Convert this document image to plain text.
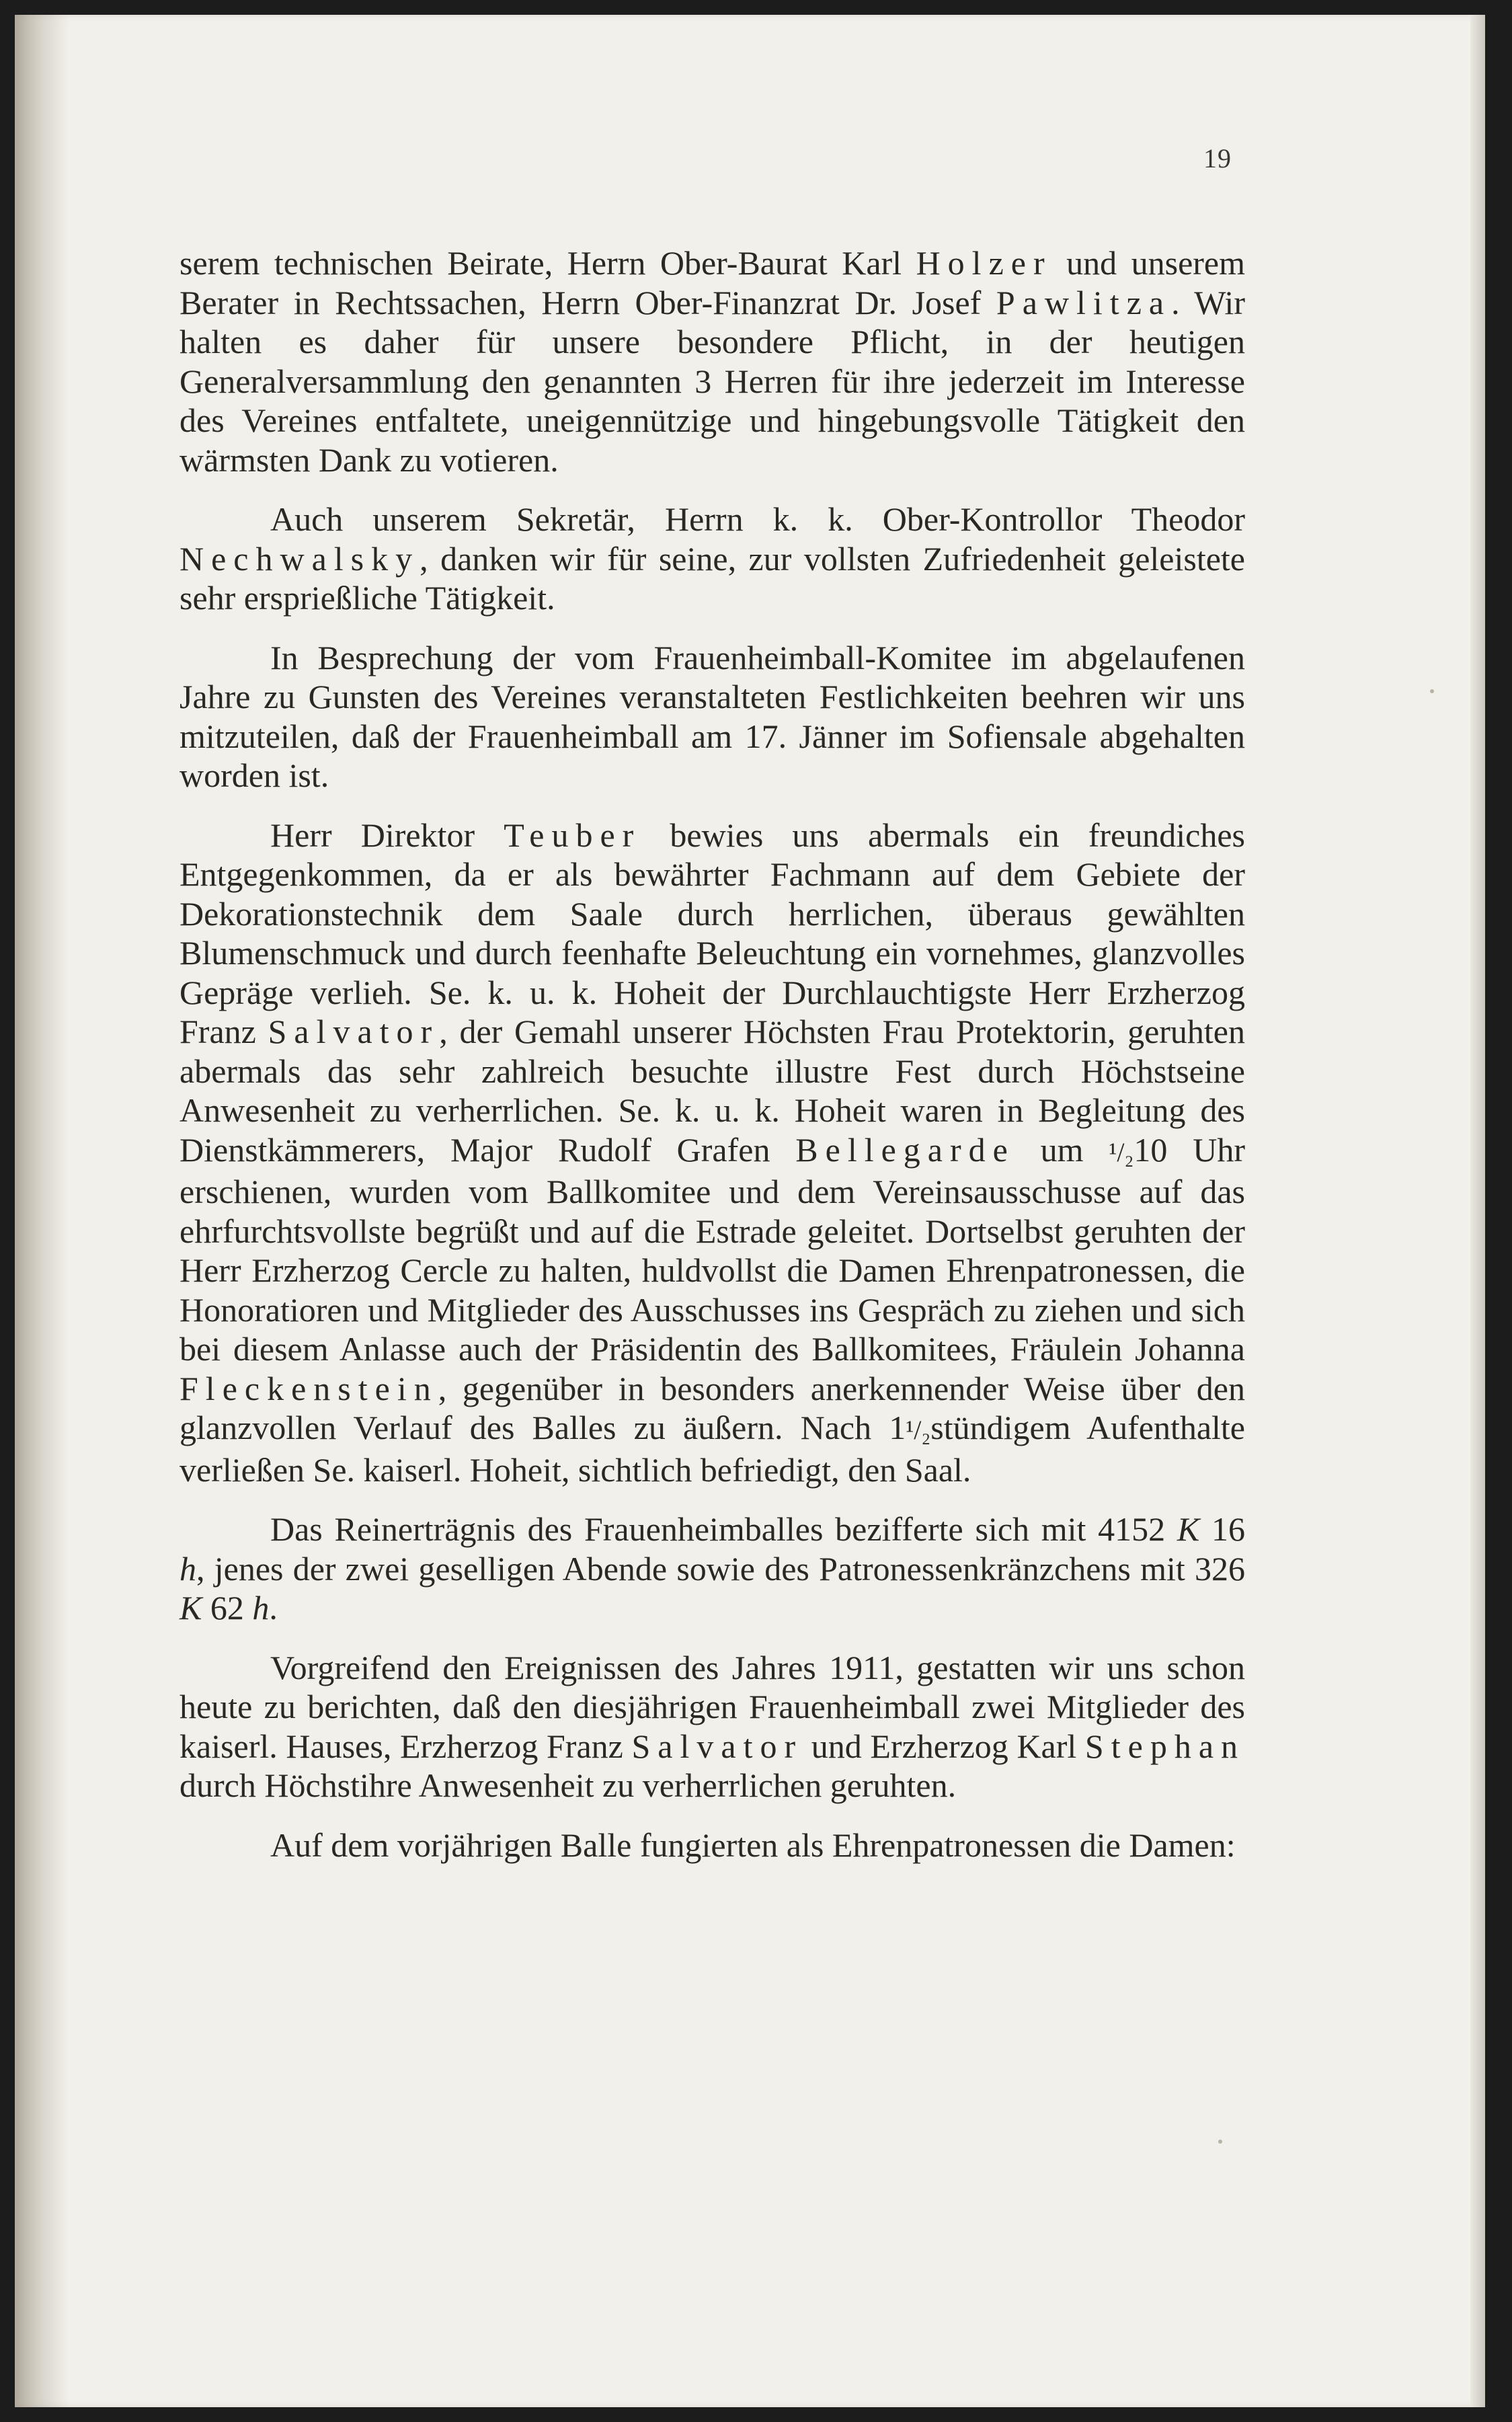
19

serem technischen Beirate, Herrn Ober-Baurat Karl Holzer und unserem Berater in Rechtssachen, Herrn Ober-Finanzrat Dr. Josef Pawlitza. Wir halten es daher für unsere besondere Pflicht, in der heutigen Generalversammlung den genannten 3 Herren für ihre jederzeit im Interesse des Vereines entfaltete, uneigennützige und hingebungsvolle Tätigkeit den wärmsten Dank zu votieren.

Auch unserem Sekretär, Herrn k. k. Ober-Kontrollor Theodor Nechwalsky, danken wir für seine, zur vollsten Zufriedenheit geleistete sehr ersprießliche Tätigkeit.

In Besprechung der vom Frauenheimball-Komitee im abgelaufenen Jahre zu Gunsten des Vereines veranstalteten Festlichkeiten beehren wir uns mitzuteilen, daß der Frauenheimball am 17. Jänner im Sofiensale abgehalten worden ist.

Herr Direktor Teuber bewies uns abermals ein freundiches Entgegenkommen, da er als bewährter Fachmann auf dem Gebiete der Dekorationstechnik dem Saale durch herrlichen, überaus gewählten Blumenschmuck und durch feenhafte Beleuchtung ein vornehmes, glanzvolles Gepräge verlieh. Se. k. u. k. Hoheit der Durchlauchtigste Herr Erzherzog Franz Salvator, der Gemahl unserer Höchsten Frau Protektorin, geruhten abermals das sehr zahlreich besuchte illustre Fest durch Höchstseine Anwesenheit zu verherrlichen. Se. k. u. k. Hoheit waren in Begleitung des Dienstkämmerers, Major Rudolf Grafen Bellegarde um ¹/₂10 Uhr erschienen, wurden vom Ballkomitee und dem Vereinsausschusse auf das ehrfurchtsvollste begrüßt und auf die Estrade geleitet. Dortselbst geruhten der Herr Erzherzog Cercle zu halten, huldvollst die Damen Ehrenpatronessen, die Honoratioren und Mitglieder des Ausschusses ins Gespräch zu ziehen und sich bei diesem Anlasse auch der Präsidentin des Ballkomitees, Fräulein Johanna Fleckenstein, gegenüber in besonders anerkennender Weise über den glanzvollen Verlauf des Balles zu äußern. Nach 1¹/₂stündigem Aufenthalte verließen Se. kaiserl. Hoheit, sichtlich befriedigt, den Saal.

Das Reinerträgnis des Frauenheimballes bezifferte sich mit 4152 K 16 h, jenes der zwei geselligen Abende sowie des Patronessenkränzchens mit 326 K 62 h.

Vorgreifend den Ereignissen des Jahres 1911, gestatten wir uns schon heute zu berichten, daß den diesjährigen Frauenheimball zwei Mitglieder des kaiserl. Hauses, Erzherzog Franz Salvator und Erzherzog Karl Stephan durch Höchstihre Anwesenheit zu verherrlichen geruhten.

Auf dem vorjährigen Balle fungierten als Ehrenpatronessen die Damen:
